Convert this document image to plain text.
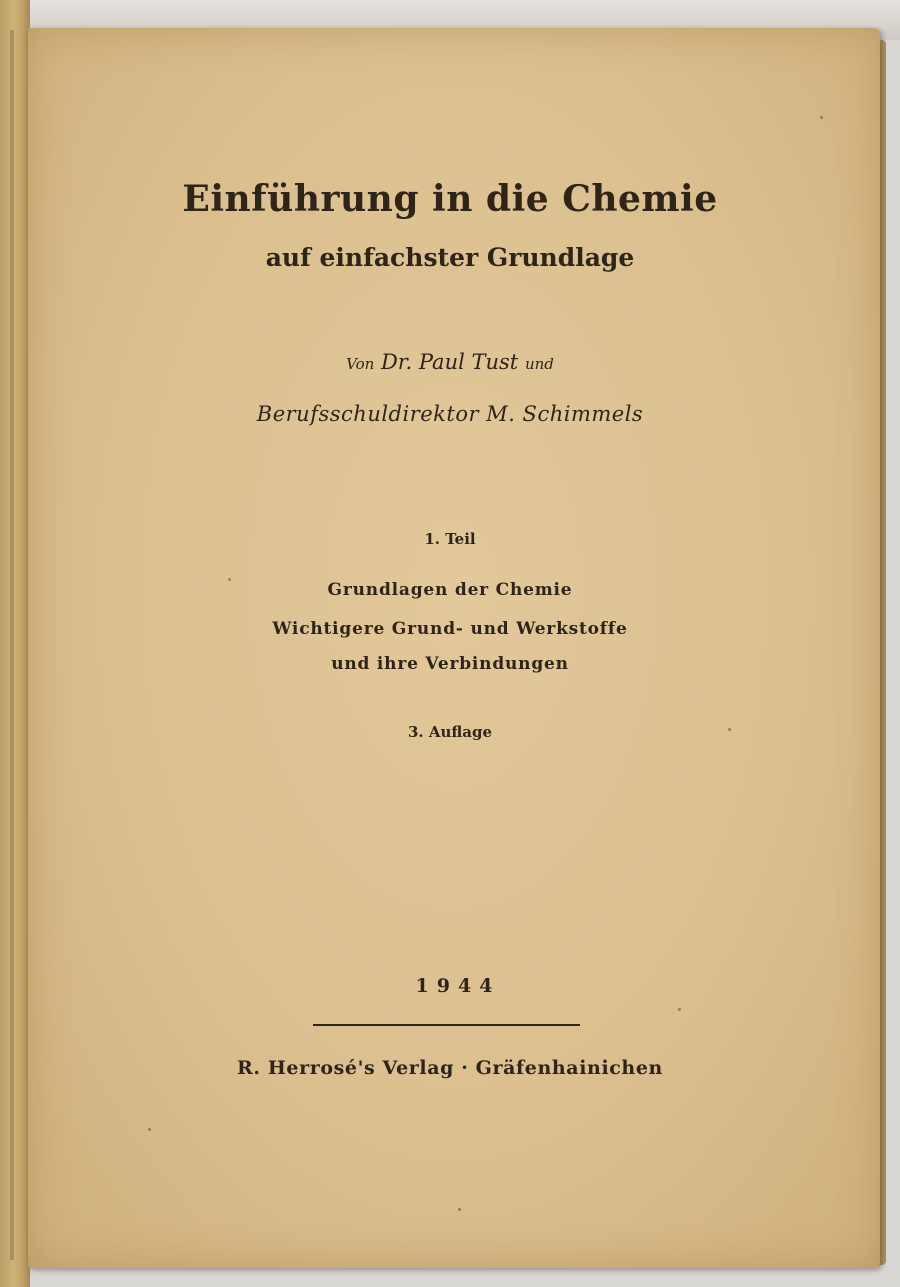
Einführung in die Chemie
auf einfachster Grundlage
Von Dr. Paul Tust und
Berufsschuldirektor M. Schimmels
1. Teil
Grundlagen der Chemie
Wichtigere Grund- und Werkstoffe
und ihre Verbindungen
3. Auflage
1944
R. Herrosé's Verlag · Gräfenhainichen
